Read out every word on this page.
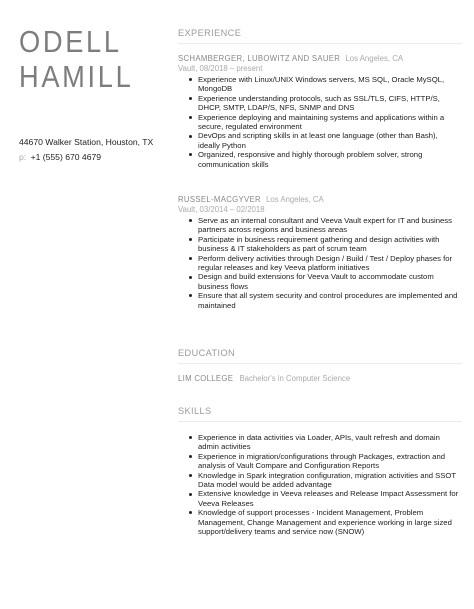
ODELL
HAMILL
44670 Walker Station, Houston, TX
p: +1 (555) 670 4679
EXPERIENCE
SCHAMBERGER, LUBOWITZ AND SAUER Los Angeles, CA
Vault, 08/2018 – present
Experience with Linux/UNIX Windows servers, MS SQL, Oracle MySQL, MongoDB
Experience understanding protocols, such as SSL/TLS, CIFS, HTTP/S, DHCP, SMTP, LDAP/S, NFS, SNMP and DNS
Experience deploying and maintaining systems and applications within a secure, regulated environment
DevOps and scripting skills in at least one language (other than Bash), ideally Python
Organized, responsive and highly thorough problem solver, strong communication skills
RUSSEL-MACGYVER Los Angeles, CA
Vault, 03/2014 – 02/2018
Serve as an internal consultant and Veeva Vault expert for IT and business partners across regions and business areas
Participate in business requirement gathering and design activities with business & IT stakeholders as part of scrum team
Perform delivery activities through Design / Build / Test / Deploy phases for regular releases and key Veeva platform initiatives
Design and build extensions for Veeva Vault to accommodate custom business flows
Ensure that all system security and control procedures are implemented and maintained
EDUCATION
LIM COLLEGE Bachelor's in Computer Science
SKILLS
Experience in data activities via Loader, APIs, vault refresh and domain admin activities
Experience in migration/configurations through Packages, extraction and analysis of Vault Compare and Configuration Reports
Knowledge in Spark integration configuration, migration activities and SSOT Data model would be added advantage
Extensive knowledge in Veeva releases and Release Impact Assessment for Veeva Releases
Knowledge of support processes - Incident Management, Problem Management, Change Management and experience working in large sized support/delivery teams and service now (SNOW)
